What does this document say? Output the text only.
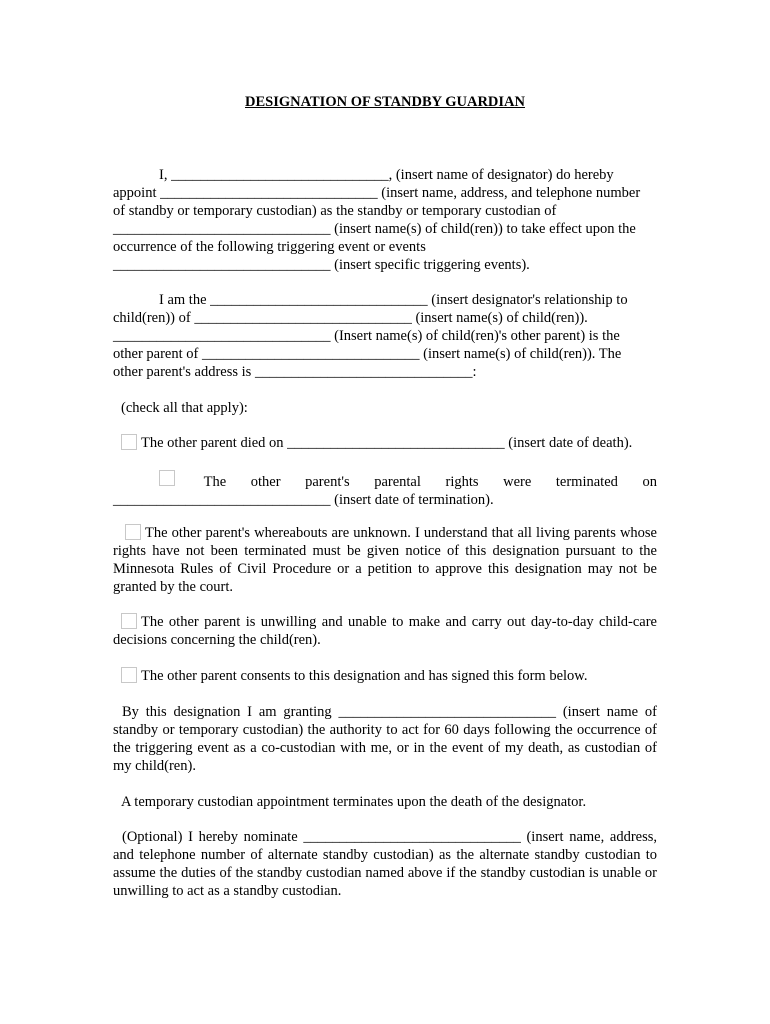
DESIGNATION OF STANDBY GUARDIAN
I, ______________________________, (insert name of designator) do hereby
appoint ______________________________ (insert name, address, and telephone number
of standby or temporary custodian) as the standby or temporary custodian of
______________________________ (insert name(s) of child(ren)) to take effect upon the
occurrence of the following triggering event or events
______________________________ (insert specific triggering events).
I am the ______________________________ (insert designator's relationship to
child(ren)) of ______________________________ (insert name(s) of child(ren)).
______________________________ (Insert name(s) of child(ren)'s other parent) is the
other parent of ______________________________ (insert name(s) of child(ren)). The
other parent's address is ______________________________:
(check all that apply):
The other parent died on ______________________________ (insert date of death).
The other parent's parental rights were terminated on
______________________________ (insert date of termination).
The other parent's whereabouts are unknown. I understand that all living parents whose rights have not been terminated must be given notice of this designation pursuant to the Minnesota Rules of Civil Procedure or a petition to approve this designation may not be granted by the court.
The other parent is unwilling and unable to make and carry out day-to-day child-care decisions concerning the child(ren).
The other parent consents to this designation and has signed this form below.
By this designation I am granting ______________________________ (insert name of standby or temporary custodian) the authority to act for 60 days following the occurrence of the triggering event as a co-custodian with me, or in the event of my death, as custodian of my child(ren).
A temporary custodian appointment terminates upon the death of the designator.
(Optional) I hereby nominate ______________________________ (insert name, address, and telephone number of alternate standby custodian) as the alternate standby custodian to assume the duties of the standby custodian named above if the standby custodian is unable or unwilling to act as a standby custodian.
